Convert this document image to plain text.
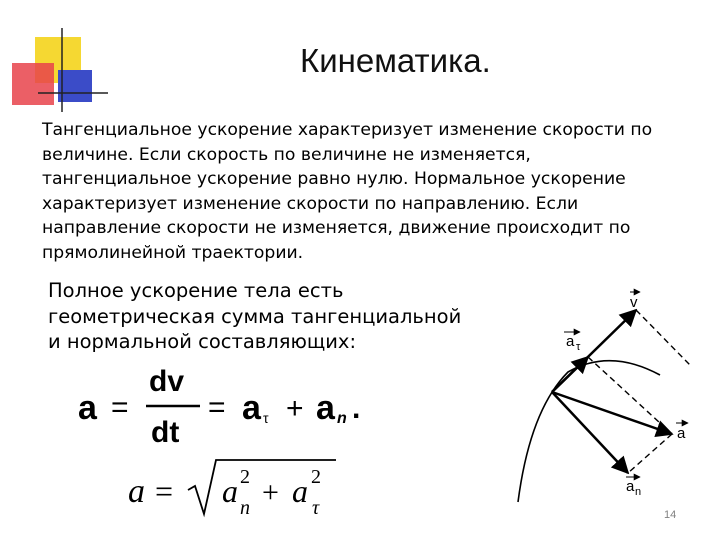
Кинематика.
Тангенциальное ускорение характеризует изменение скорости по
величине. Если скорость по величине не изменяется,
тангенциальное ускорение равно нулю. Нормальное ускорение
характеризует изменение скорости по направлению. Если
направление скорости не изменяется, движение происходит по
прямолинейной траектории.
Полное ускорение тела есть
геометрическая сумма тангенциальной
и нормальной составляющих:
a =
dv
dt
= a τ + a n .
a = a 2
n + a 2
τ
v
a τ
a
a n
14
